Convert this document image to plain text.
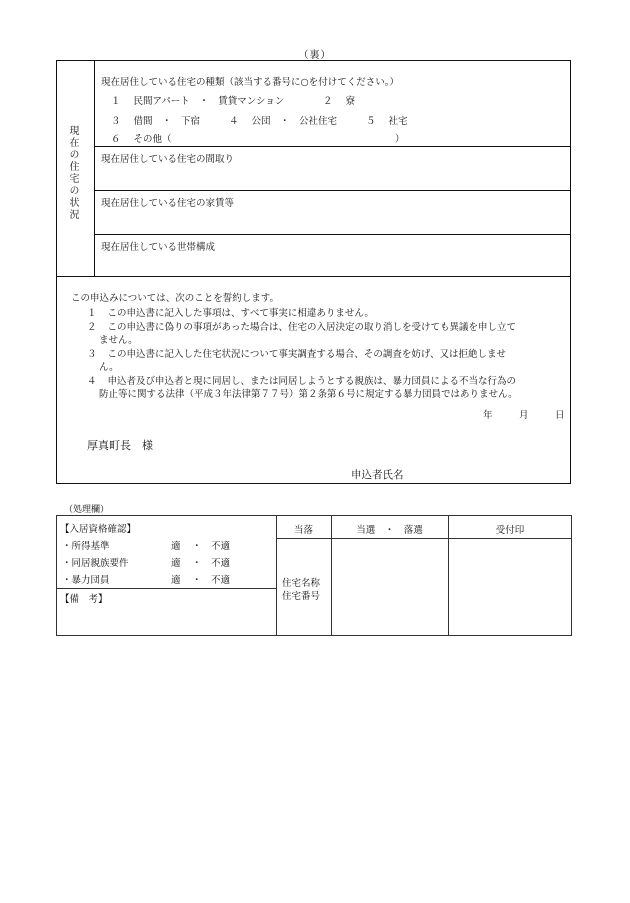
（裏）
現在の住宅の状況
現在居住している住宅の種類（該当する番号に○を付けてください。）
１ 民間アパート　・　賃貸マンション	２ 寮
３ 借間　・　下宿	４ 公団　・　公社住宅	５ 社宅
６ その他（	）
現在居住している住宅の間取り
現在居住している住宅の家賃等
現在居住している世帯構成
この申込みについては、次のことを誓約します。
１ この申込書に記入した事項は、すべて事実に相違ありません。
２ この申込書に偽りの事項があった場合は、住宅の入居決定の取り消しを受けても異議を申し立て
ません。
３ この申込書に記入した住宅状況について事実調査する場合、その調査を妨げ、又は拒絶しませ
ん。
４ 申込者及び申込者と現に同居し、または同居しようとする親族は、暴力団員による不当な行為の
防止等に関する法律（平成３年法律第７７号）第２条第６号に規定する暴力団員ではありません。
年	月	日
厚真町長　様
申込者氏名
（処理欄）
【入居資格確認】
・所得基準	適 ・ 不適
・同居親族要件	適 ・ 不適
・暴力団員	適 ・ 不適
【備　考】
当落	当選　・　落選	受付印
住宅名称
住宅番号
